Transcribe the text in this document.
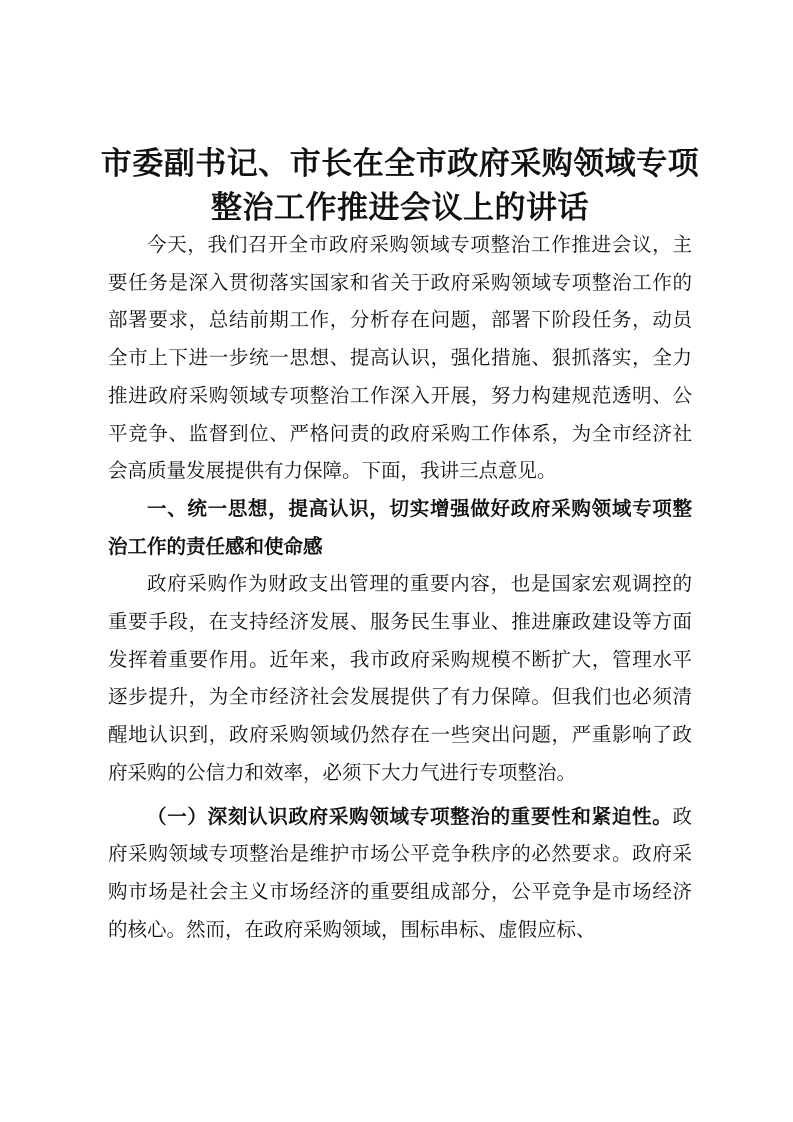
市委副书记、市长在全市政府采购领域专项整治工作推进会议上的讲话

今天，我们召开全市政府采购领域专项整治工作推进会议，主要任务是深入贯彻落实国家和省关于政府采购领域专项整治工作的部署要求，总结前期工作，分析存在问题，部署下阶段任务，动员全市上下进一步统一思想、提高认识，强化措施、狠抓落实，全力推进政府采购领域专项整治工作深入开展，努力构建规范透明、公平竞争、监督到位、严格问责的政府采购工作体系，为全市经济社会高质量发展提供有力保障。下面，我讲三点意见。

一、统一思想，提高认识，切实增强做好政府采购领域专项整治工作的责任感和使命感

政府采购作为财政支出管理的重要内容，也是国家宏观调控的重要手段，在支持经济发展、服务民生事业、推进廉政建设等方面发挥着重要作用。近年来，我市政府采购规模不断扩大，管理水平逐步提升，为全市经济社会发展提供了有力保障。但我们也必须清醒地认识到，政府采购领域仍然存在一些突出问题，严重影响了政府采购的公信力和效率，必须下大力气进行专项整治。

（一）深刻认识政府采购领域专项整治的重要性和紧迫性。政府采购领域专项整治是维护市场公平竞争秩序的必然要求。政府采购市场是社会主义市场经济的重要组成部分，公平竞争是市场经济的核心。然而，在政府采购领域，围标串标、虚假应标、
